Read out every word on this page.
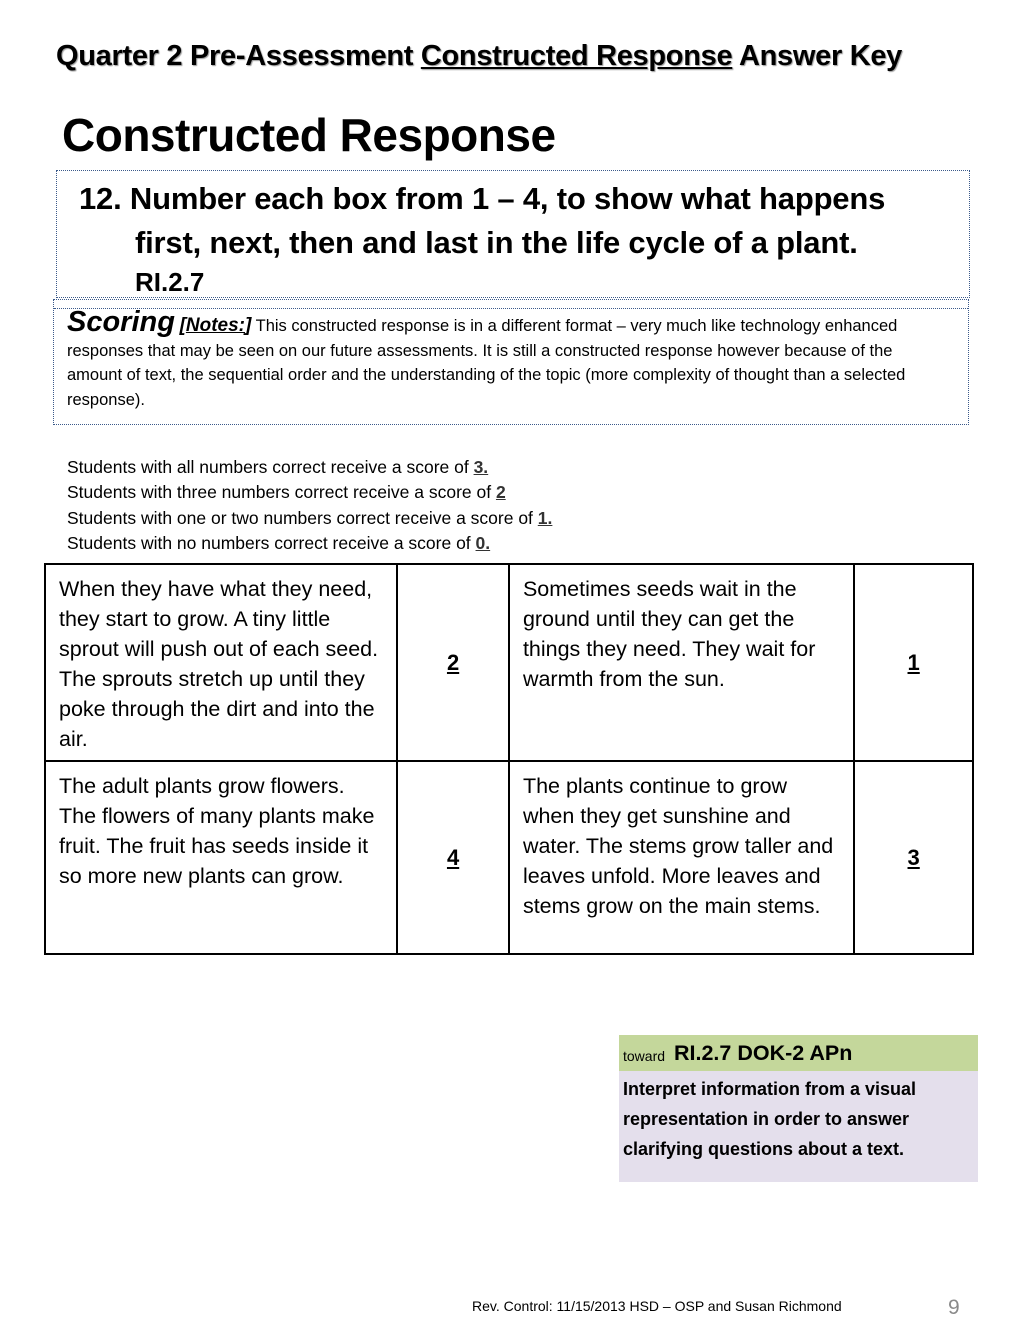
Quarter 2 Pre-Assessment Constructed Response Answer Key
Constructed Response
12. Number each box from 1 – 4, to show what happens
first, next, then and last in the life cycle of a plant.
RI.2.7
Scoring [Notes:] This constructed response is in a different format – very much like technology enhanced responses that may be seen on our future assessments. It is still a constructed response however because of the amount of text, the sequential order and the understanding of the topic (more complexity of thought than a selected response).
Students with all numbers correct receive a score of 3.
Students with three numbers correct receive a score of 2
Students with one or two numbers correct receive a score of 1.
Students with no numbers correct receive a score of 0.
When they have what they need, they start to grow. A tiny little sprout will push out of each seed. The sprouts stretch up until they poke through the dirt and into the air.	2	Sometimes seeds wait in the ground until they can get the things they need. They wait for warmth from the sun.	1
The adult plants grow flowers. The flowers of many plants make fruit. The fruit has seeds inside it so more new plants can grow.	4	The plants continue to grow when they get sunshine and water. The stems grow taller and leaves unfold. More leaves and stems grow on the main stems.	3
toward RI.2.7 DOK-2 APn
Interpret information from a visual representation in order to answer clarifying questions about a text.
Rev. Control: 11/15/2013 HSD – OSP and Susan Richmond	9
